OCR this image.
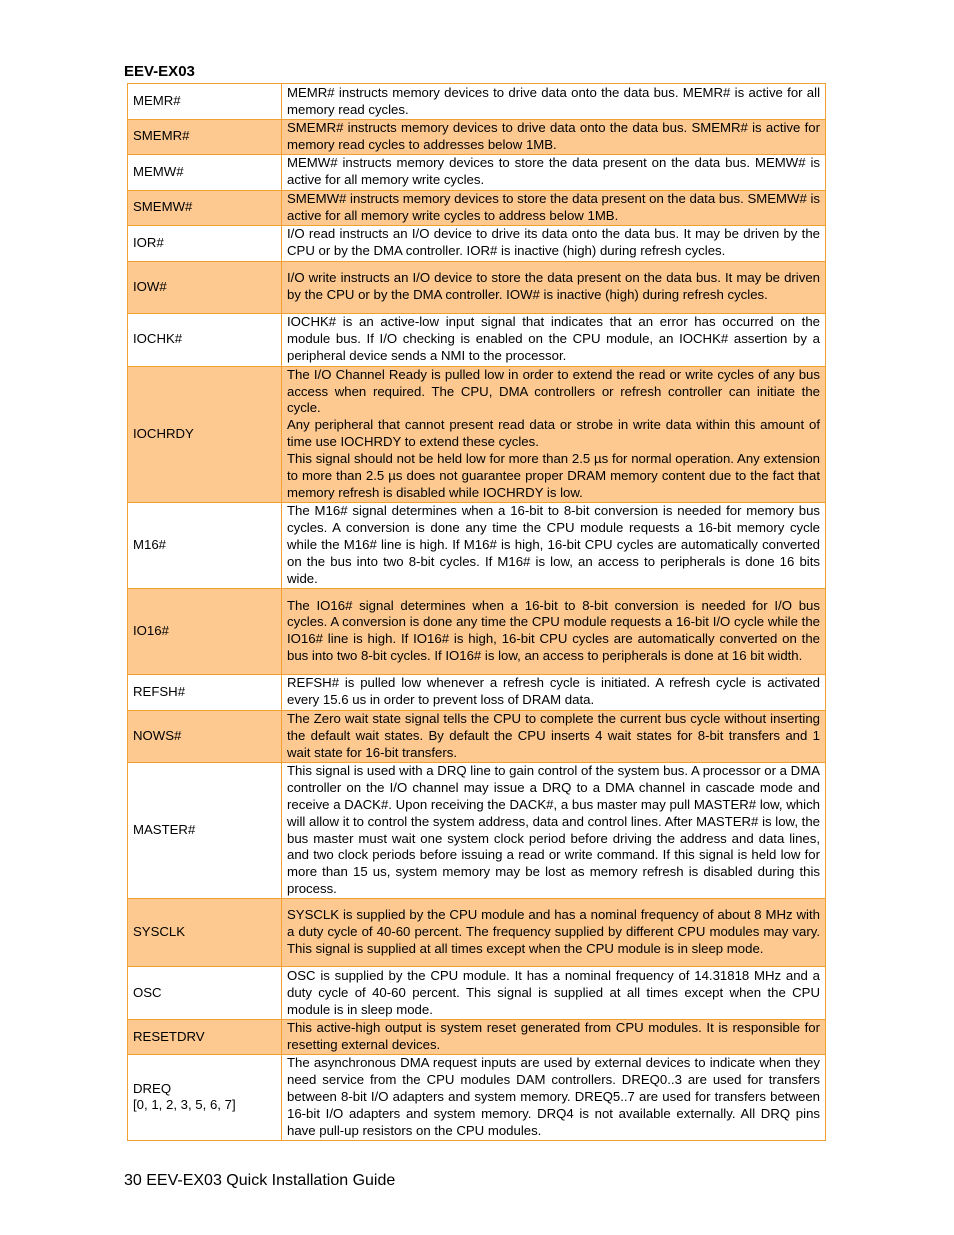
EEV-EX03
MEMR#	MEMR# instructs memory devices to drive data onto the data bus. MEMR# is active for all memory read cycles.

SMEMR#	SMEMR# instructs memory devices to drive data onto the data bus. SMEMR# is active for memory read cycles to addresses below 1MB.

MEMW#	MEMW# instructs memory devices to store the data present on the data bus. MEMW# is active for all memory write cycles.

SMEMW#	SMEMW# instructs memory devices to store the data present on the data bus. SMEMW# is active for all memory write cycles to address below 1MB.

IOR#	I/O read instructs an I/O device to drive its data onto the data bus. It may be driven by the CPU or by the DMA controller. IOR# is inactive (high) during refresh cycles.

IOW#	I/O write instructs an I/O device to store the data present on the data bus. It may be driven by the CPU or by the DMA controller. IOW# is inactive (high) during refresh cycles.

IOCHK#	IOCHK# is an active-low input signal that indicates that an error has occurred on the module bus. If I/O checking is enabled on the CPU module, an IOCHK# assertion by a peripheral device sends a NMI to the processor.

IOCHRDY	The I/O Channel Ready is pulled low in order to extend the read or write cycles of any bus access when required. The CPU, DMA controllers or refresh controller can initiate the cycle.
Any peripheral that cannot present read data or strobe in write data within this amount of time use IOCHRDY to extend these cycles.
This signal should not be held low for more than 2.5 µs for normal operation. Any extension to more than 2.5 µs does not guarantee proper DRAM memory content due to the fact that memory refresh is disabled while IOCHRDY is low.

M16#	The M16# signal determines when a 16-bit to 8-bit conversion is needed for memory bus cycles. A conversion is done any time the CPU module requests a 16-bit memory cycle while the M16# line is high. If M16# is high, 16-bit CPU cycles are automatically converted on the bus into two 8-bit cycles. If M16# is low, an access to peripherals is done 16 bits wide.

IO16#	The IO16# signal determines when a 16-bit to 8-bit conversion is needed for I/O bus cycles. A conversion is done any time the CPU module requests a 16-bit I/O cycle while the IO16# line is high. If IO16# is high, 16-bit CPU cycles are automatically converted on the bus into two 8-bit cycles. If IO16# is low, an access to peripherals is done at 16 bit width.

REFSH#	REFSH# is pulled low whenever a refresh cycle is initiated. A refresh cycle is activated every 15.6 us in order to prevent loss of DRAM data.

NOWS#	The Zero wait state signal tells the CPU to complete the current bus cycle without inserting the default wait states. By default the CPU inserts 4 wait states for 8-bit transfers and 1 wait state for 16-bit transfers.

MASTER#	This signal is used with a DRQ line to gain control of the system bus. A processor or a DMA controller on the I/O channel may issue a DRQ to a DMA channel in cascade mode and receive a DACK#. Upon receiving the DACK#, a bus master may pull MASTER# low, which will allow it to control the system address, data and control lines. After MASTER# is low, the bus master must wait one system clock period before driving the address and data lines, and two clock periods before issuing a read or write command. If this signal is held low for more than 15 us, system memory may be lost as memory refresh is disabled during this process.

SYSCLK	SYSCLK is supplied by the CPU module and has a nominal frequency of about 8 MHz with a duty cycle of 40-60 percent. The frequency supplied by different CPU modules may vary. This signal is supplied at all times except when the CPU module is in sleep mode.

OSC	OSC is supplied by the CPU module. It has a nominal frequency of 14.31818 MHz and a duty cycle of 40-60 percent. This signal is supplied at all times except when the CPU module is in sleep mode.

RESETDRV	This active-high output is system reset generated from CPU modules. It is responsible for resetting external devices.

DREQ
[0, 1, 2, 3, 5, 6, 7]	The asynchronous DMA request inputs are used by external devices to indicate when they need service from the CPU modules DAM controllers. DREQ0..3 are used for transfers between 8-bit I/O adapters and system memory. DREQ5..7 are used for transfers between 16-bit I/O adapters and system memory. DRQ4 is not available externally. All DRQ pins have pull-up resistors on the CPU modules.
30 EEV-EX03 Quick Installation Guide
